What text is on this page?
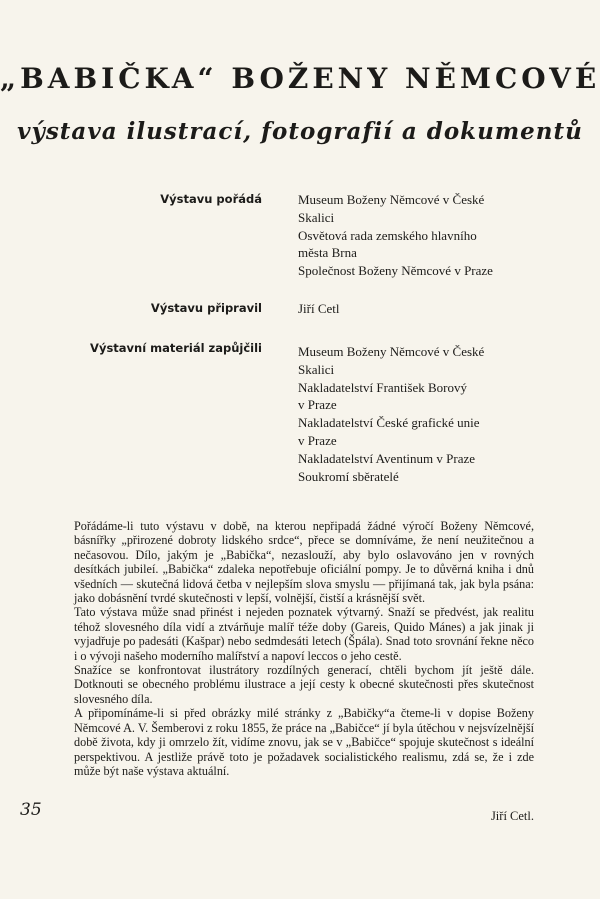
„BABIČKA“ BOŽENY NĚMCOVÉ
výstava ilustrací, fotografií a dokumentů
Výstavu pořádá	Museum Boženy Němcové v České
Skalici
Osvětová rada zemského hlavního
města Brna
Společnost Boženy Němcové v Praze
Výstavu připravil	Jiří Cetl
Výstavní materiál zapůjčili	Museum Boženy Němcové v České
Skalici
Nakladatelství František Borový
v Praze
Nakladatelství České grafické unie
v Praze
Nakladatelství Aventinum v Praze
Soukromí sběratelé

Pořádáme-li tuto výstavu v době, na kterou nepřipadá žádné výročí Boženy Němcové, básnířky „přirozené dobroty lidského srdce“, přece se domníváme, že není neužitečnou a nečasovou. Dílo, jakým je „Babička“, nezaslouží, aby bylo oslavováno jen v rovných desítkách jubileí. „Babička“ zdaleka nepotřebuje oficiální pompy. Je to důvěrná kniha i dnů všedních — skutečná lidová četba v nejlepším slova smyslu — přijímaná tak, jak byla psána: jako dobásnění tvrdé skutečnosti v lepší, volnější, čistší a krásnější svět.

Tato výstava může snad přinést i nejeden poznatek výtvarný. Snaží se předvést, jak realitu téhož slovesného díla vidí a ztvárňuje malíř téže doby (Gareis, Quido Mánes) a jak jinak ji vyjadřuje po padesáti (Kašpar) nebo sedmdesáti letech (Špála). Snad toto srovnání řekne něco i o vývoji našeho moderního malířství a napoví leccos o jeho cestě.

Snažíce se konfrontovat ilustrátory rozdílných generací, chtěli bychom jít ještě dále. Dotknouti se obecného problému ilustrace a její cesty k obecné skutečnosti přes skutečnost slovesného díla.

A připomínáme-li si před obrázky milé stránky z „Babičky“a čteme-li v dopise Boženy Němcové A. V. Šemberovi z roku 1855, že práce na „Babičce“ jí byla útěchou v nejsvízelnější době života, kdy ji omrzelo žít, vidíme znovu, jak se v „Babičce“ spojuje skutečnost s ideální perspektivou. A jestliže právě toto je požadavek socialistického realismu, zdá se, že i zde může být naše výstava aktuální.

35	Jiří Cetl.
